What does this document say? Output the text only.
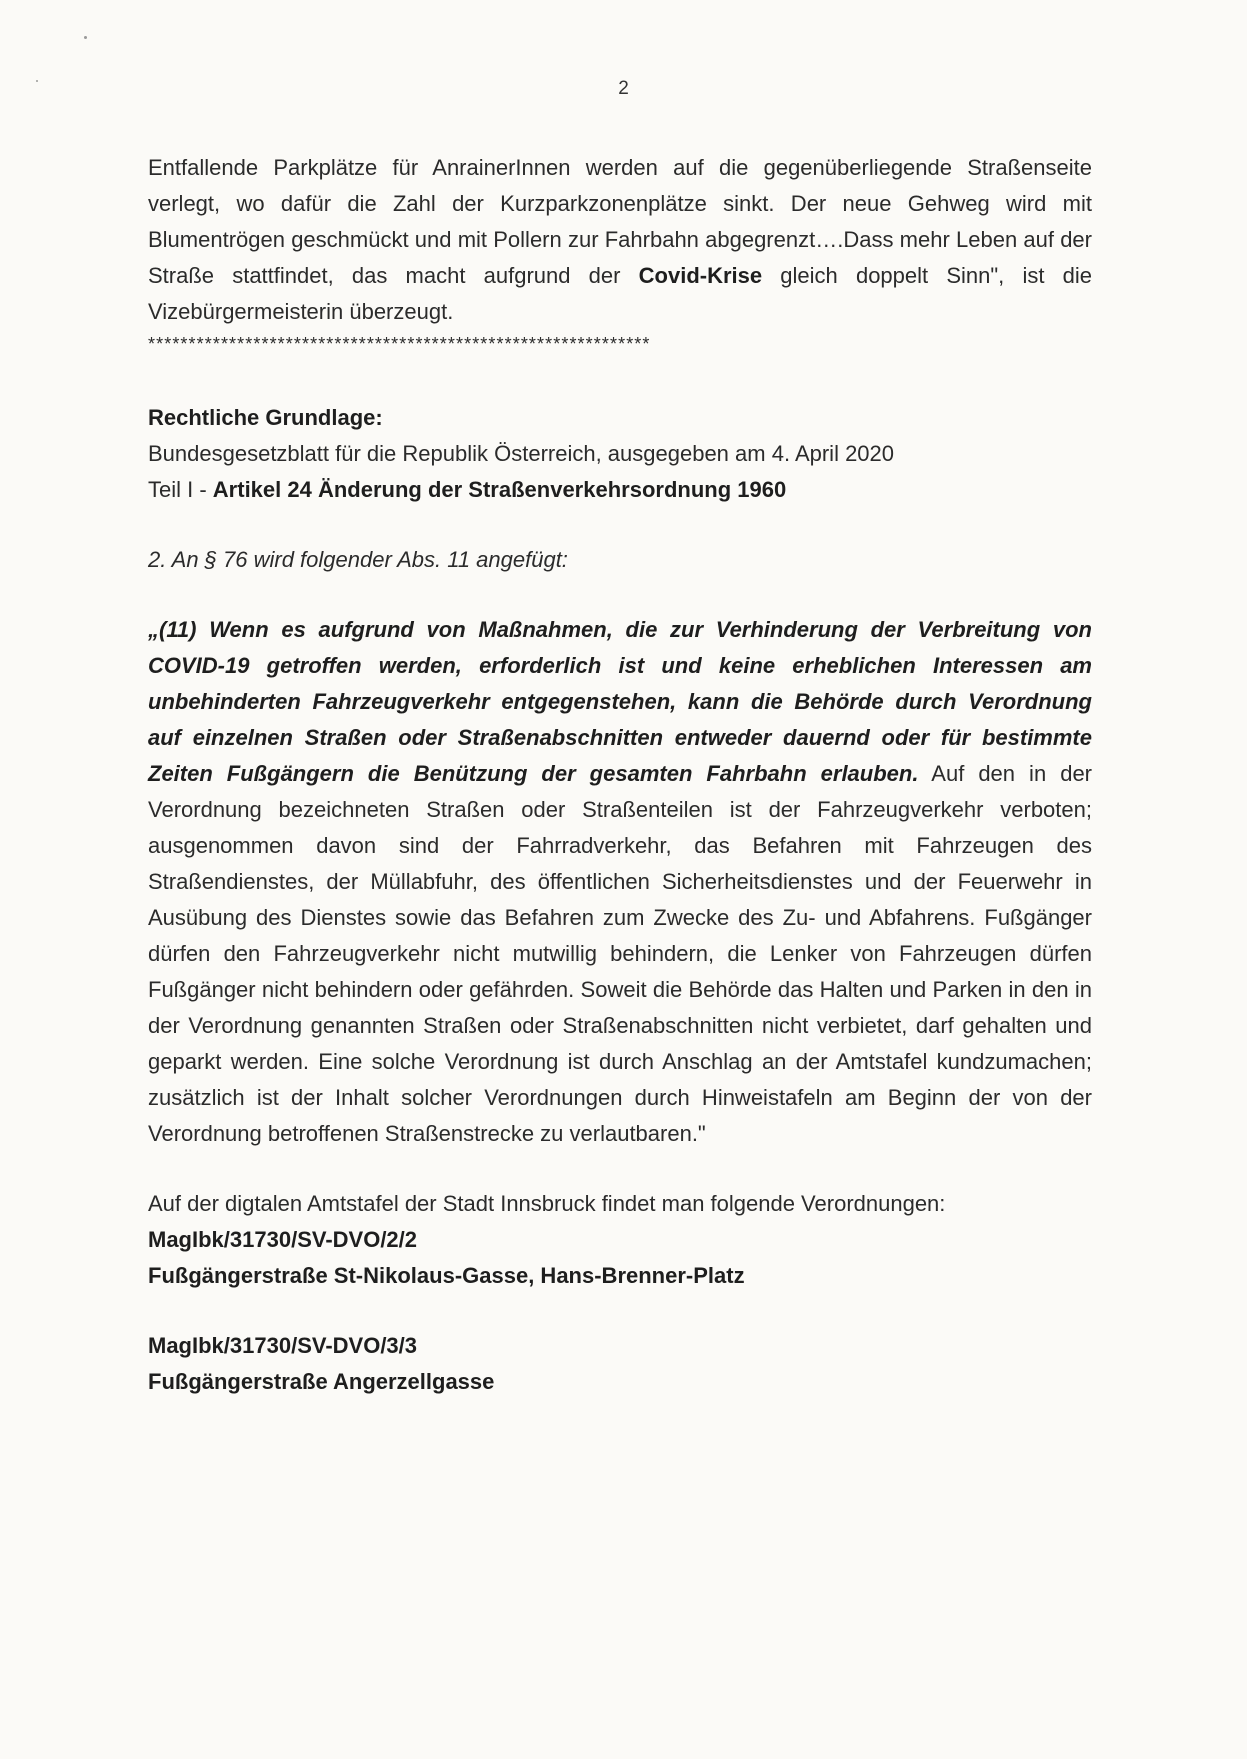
2

Entfallende Parkplätze für AnrainerInnen werden auf die gegenüberliegende Straßenseite verlegt, wo dafür die Zahl der Kurzparkzonenplätze sinkt. Der neue Gehweg wird mit Blumentrögen geschmückt und mit Pollern zur Fahrbahn abgegrenzt….Dass mehr Leben auf der Straße stattfindet, das macht aufgrund der Covid-Krise gleich doppelt Sinn", ist die Vizebürgermeisterin überzeugt.

**************************************************************

Rechtliche Grundlage:

Bundesgesetzblatt für die Republik Österreich, ausgegeben am 4. April 2020

Teil I - Artikel 24 Änderung der Straßenverkehrsordnung 1960

2. An § 76 wird folgender Abs. 11 angefügt:

„(11) Wenn es aufgrund von Maßnahmen, die zur Verhinderung der Verbreitung von COVID-19 getroffen werden, erforderlich ist und keine erheblichen Interessen am unbehinderten Fahrzeugverkehr entgegenstehen, kann die Behörde durch Verordnung auf einzelnen Straßen oder Straßenabschnitten entweder dauernd oder für bestimmte Zeiten Fußgängern die Benützung der gesamten Fahrbahn erlauben. Auf den in der Verordnung bezeichneten Straßen oder Straßenteilen ist der Fahrzeugverkehr verboten; ausgenommen davon sind der Fahrradverkehr, das Befahren mit Fahrzeugen des Straßendienstes, der Müllabfuhr, des öffentlichen Sicherheitsdienstes und der Feuerwehr in Ausübung des Dienstes sowie das Befahren zum Zwecke des Zu- und Abfahrens. Fußgänger dürfen den Fahrzeugverkehr nicht mutwillig behindern, die Lenker von Fahrzeugen dürfen Fußgänger nicht behindern oder gefährden. Soweit die Behörde das Halten und Parken in den in der Verordnung genannten Straßen oder Straßenabschnitten nicht verbietet, darf gehalten und geparkt werden. Eine solche Verordnung ist durch Anschlag an der Amtstafel kundzumachen; zusätzlich ist der Inhalt solcher Verordnungen durch Hinweistafeln am Beginn der von der Verordnung betroffenen Straßenstrecke zu verlautbaren."

Auf der digtalen Amtstafel der Stadt Innsbruck findet man folgende Verordnungen:

MagIbk/31730/SV-DVO/2/2

Fußgängerstraße St-Nikolaus-Gasse, Hans-Brenner-Platz

MagIbk/31730/SV-DVO/3/3

Fußgängerstraße Angerzellgasse
